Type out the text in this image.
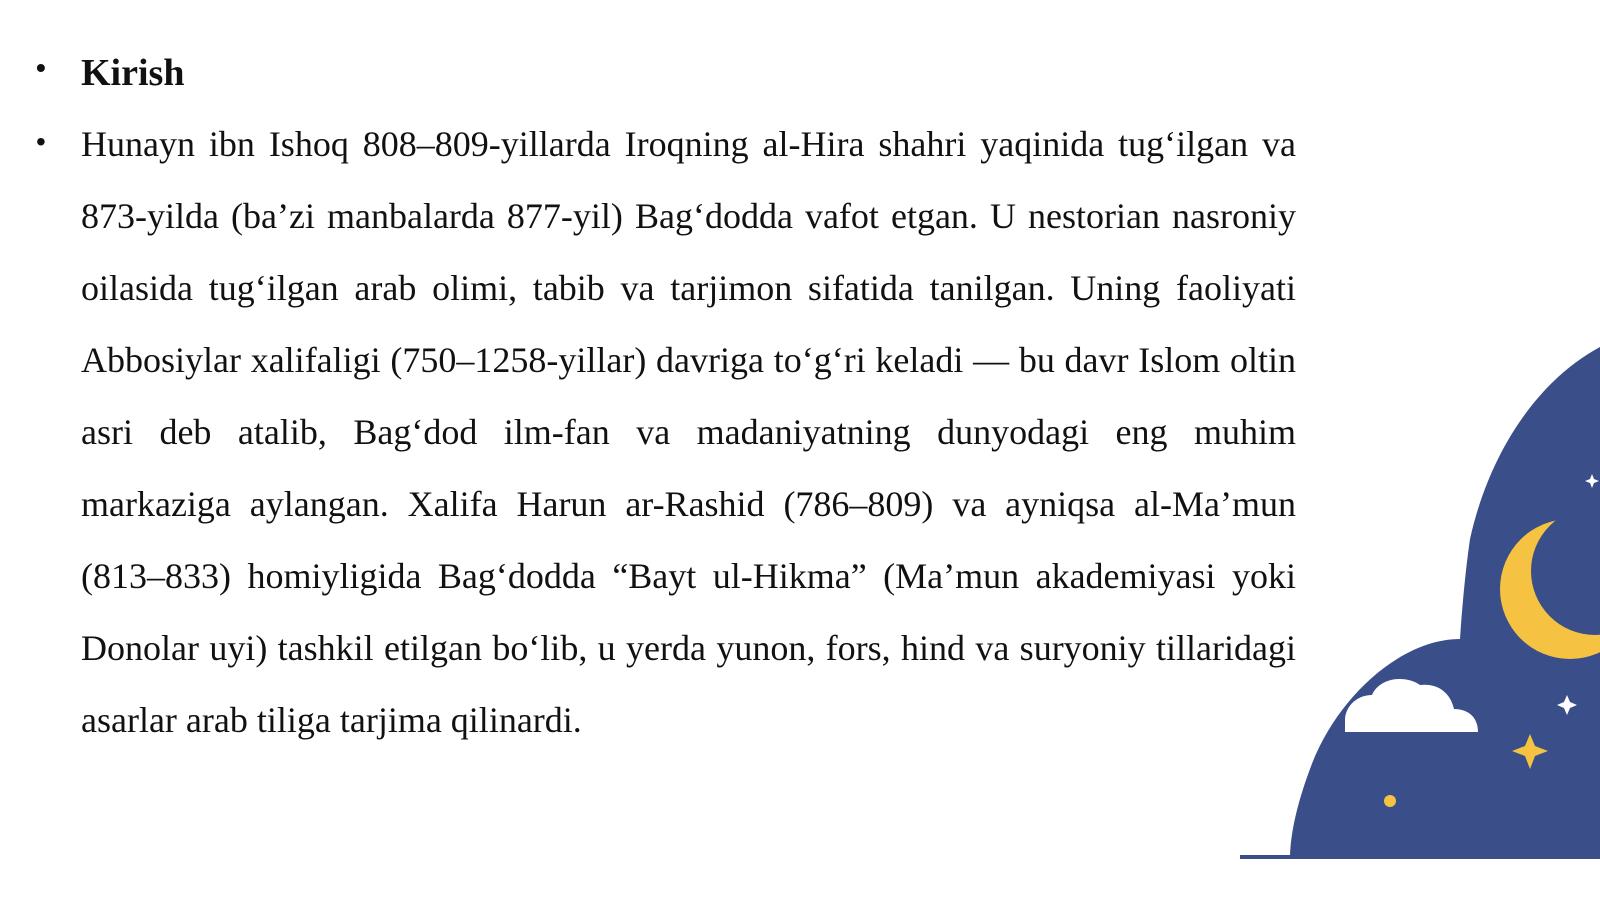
• Kirish
• Hunayn ibn Ishoq 808–809-yillarda Iroqning al-Hira shahri yaqinida tug‘ilgan va 873-yilda (ba’zi manbalarda 877-yil) Bag‘dodda vafot etgan. U nestorian nasroniy oilasida tug‘ilgan arab olimi, tabib va tarjimon sifatida tanilgan. Uning faoliyati Abbosiylar xalifaligi (750–1258-yillar) davriga to‘g‘ri keladi — bu davr Islom oltin asri deb atalib, Bag‘dod ilm-fan va madaniyatning dunyodagi eng muhim markaziga aylangan. Xalifa Harun ar-Rashid (786–809) va ayniqsa al-Ma’mun (813–833) homiyligida Bag‘dodda “Bayt ul-Hikma” (Ma’mun akademiyasi yoki Donolar uyi) tashkil etilgan bo‘lib, u yerda yunon, fors, hind va suryoniy tillaridagi asarlar arab tiliga tarjima qilinardi.
